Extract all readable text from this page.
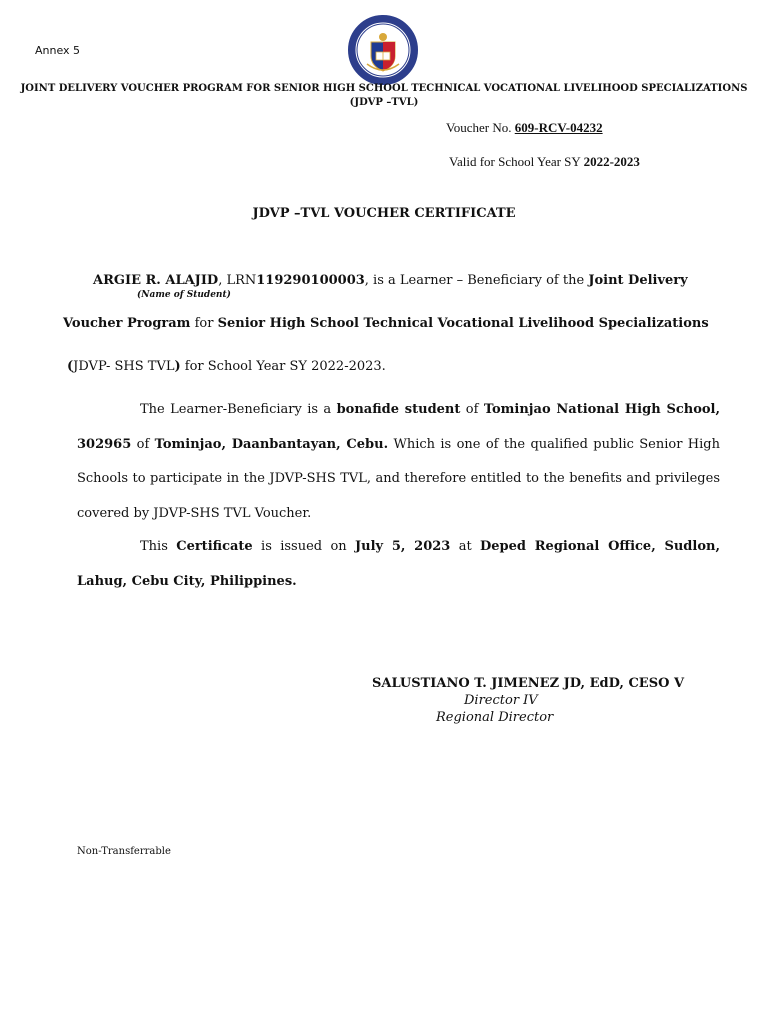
Annex 5
JOINT DELIVERY VOUCHER PROGRAM FOR SENIOR HIGH SCHOOL TECHNICAL VOCATIONAL LIVELIHOOD SPECIALIZATIONS
(JDVP –TVL)
Voucher No. 609-RCV-04232
Valid for School Year SY 2022-2023
JDVP –TVL VOUCHER CERTIFICATE
ARGIE R. ALAJID, LRN119290100003, is a Learner – Beneficiary of the Joint Delivery
(Name of Student)
Voucher Program for Senior High School Technical Vocational Livelihood Specializations
(JDVP- SHS TVL) for School Year SY 2022-2023.
The Learner-Beneficiary is a bonafide student of Tominjao National High School, 302965 of Tominjao, Daanbantayan, Cebu. Which is one of the qualified public Senior High Schools to participate in the JDVP-SHS TVL, and therefore entitled to the benefits and privileges covered by JDVP-SHS TVL Voucher.
This Certificate is issued on July 5, 2023 at Deped Regional Office, Sudlon, Lahug, Cebu City, Philippines.
SALUSTIANO T. JIMENEZ JD, EdD, CESO V
Director IV
Regional Director
Non-Transferrable
